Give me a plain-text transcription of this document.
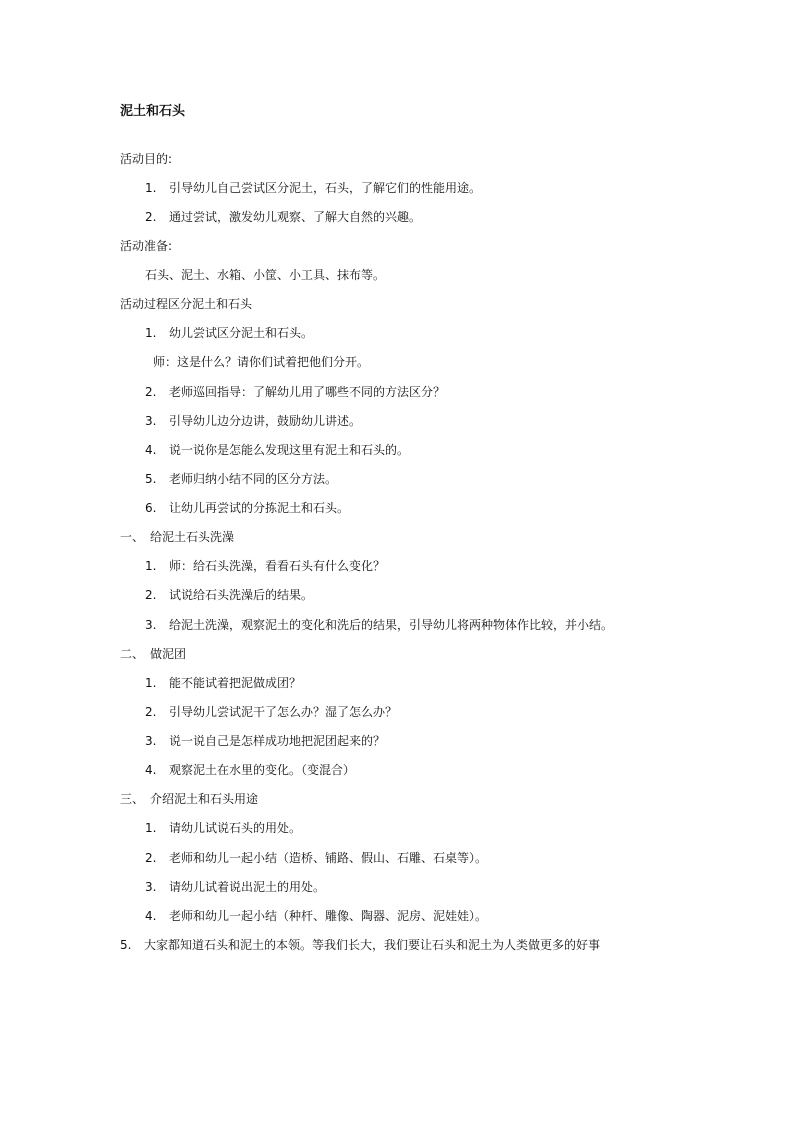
泥土和石头
活动目的:
1. 引导幼儿自己尝试区分泥土，石头，了解它们的性能用途。
2. 通过尝试，激发幼儿观察、了解大自然的兴趣。
活动准备:
石头、泥土、水箱、小筐、小工具、抹布等。
活动过程区分泥土和石头
1. 幼儿尝试区分泥土和石头。
师：这是什么？请你们试着把他们分开。
2. 老师巡回指导：了解幼儿用了哪些不同的方法区分？
3. 引导幼儿边分边讲，鼓励幼儿讲述。
4. 说一说你是怎能么发现这里有泥土和石头的。
5. 老师归纳小结不同的区分方法。
6. 让幼儿再尝试的分拣泥土和石头。
一、 给泥土石头洗澡
1. 师：给石头洗澡，看看石头有什么变化？
2. 试说给石头洗澡后的结果。
3. 给泥土洗澡，观察泥土的变化和洗后的结果，引导幼儿将两种物体作比较，并小结。
二、 做泥团
1. 能不能试着把泥做成团？
2. 引导幼儿尝试泥干了怎么办？湿了怎么办？
3. 说一说自己是怎样成功地把泥团起来的？
4. 观察泥土在水里的变化。（变混合）
三、 介绍泥土和石头用途
1. 请幼儿试说石头的用处。
2. 老师和幼儿一起小结（造桥、铺路、假山、石雕、石桌等）。
3. 请幼儿试着说出泥土的用处。
4. 老师和幼儿一起小结（种杆、雕像、陶器、泥房、泥娃娃）。
5. 大家都知道石头和泥土的本领。等我们长大，我们要让石头和泥土为人类做更多的好事
